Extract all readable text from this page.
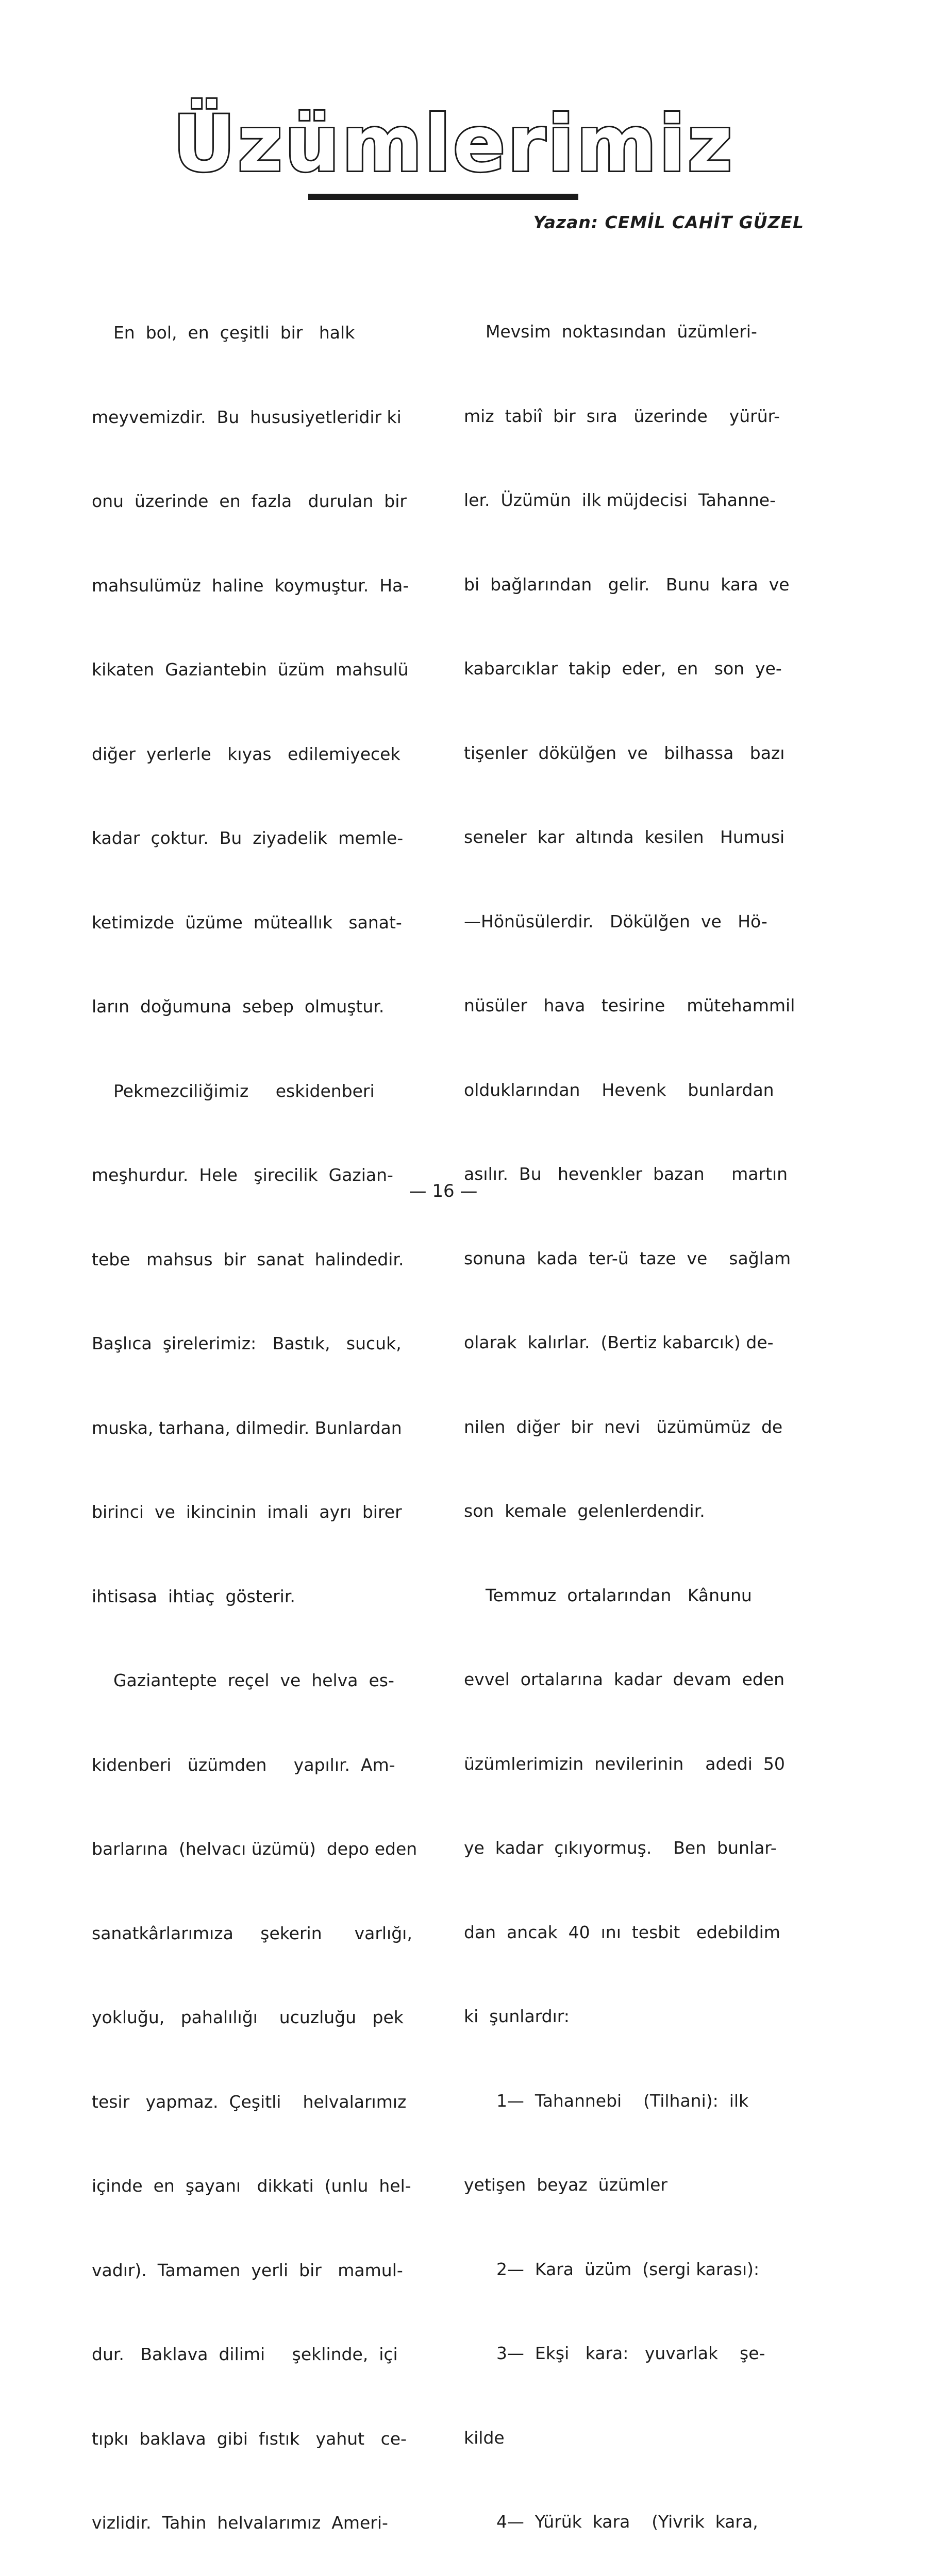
Üzümlerimiz
Yazan: CEMİL CAHİT GÜZEL

En  bol,  en  çeşitli  bir   halk

meyvemizdir.  Bu  hususiyetleridir ki

onu  üzerinde  en  fazla   durulan  bir

mahsulümüz  haline  koymuştur.  Ha-

kikaten  Gaziantebin  üzüm  mahsulü

diğer  yerlerle   kıyas   edilemiyecek

kadar  çoktur.  Bu  ziyadelik  memle-

ketimizde  üzüme  müteallık   sanat-

ların  doğumuna  sebep  olmuştur.

Pekmezciliğimiz     eskidenberi

meşhurdur.  Hele   şirecilik  Gazian-

tebe   mahsus  bir  sanat  halindedir.

Başlıca  şirelerimiz:   Bastık,   sucuk,

muska, tarhana, dilmedir. Bunlardan

birinci  ve  ikincinin  imali  ayrı  birer

ihtisasa  ihtiaç  gösterir.

Gaziantepte  reçel  ve  helva  es-

kidenberi   üzümden     yapılır.  Am-

barlarına  (helvacı üzümü)  depo eden

sanatkârlarımıza     şekerin      varlığı,

yokluğu,   pahalılığı    ucuzluğu   pek

tesir   yapmaz.  Çeşitli    helvalarımız

içinde  en  şayanı   dikkati  (unlu  hel-

vadır).  Tamamen  yerli  bir   mamul-

dur.   Baklava  dilimi     şeklinde,  içi

tıpkı  baklava  gibi  fıstık   yahut   ce-

vizlidir.  Tahin  helvalarımız  Ameri-

Mevsim  noktasından  üzümleri-

miz  tabiî  bir  sıra   üzerinde    yürür-

ler.  Üzümün  ilk müjdecisi  Tahanne-

bi  bağlarından   gelir.   Bunu  kara  ve

kabarcıklar  takip  eder,  en   son  ye-

tişenler  dökülğen  ve   bilhassa   bazı

seneler  kar  altında  kesilen   Humusi

—Hönüsülerdir.   Dökülğen  ve   Hö-

nüsüler   hava   tesirine    mütehammil

olduklarından    Hevenk    bunlardan

asılır.  Bu   hevenkler  bazan     martın

sonuna  kada  ter-ü  taze  ve    sağlam

olarak  kalırlar.  (Bertiz kabarcık) de-

nilen  diğer  bir  nevi   üzümümüz  de

son  kemale  gelenlerdendir.

Temmuz  ortalarından   Kânunu

evvel  ortalarına  kadar  devam  eden

üzümlerimizin  nevilerinin    adedi  50

ye  kadar  çıkıyormuş.    Ben  bunlar-

dan  ancak  40  ını  tesbit   edebildim

ki  şunlardır:

1—  Tahannebi    (Tilhani):  ilk

yetişen  beyaz  üzümler

2—  Kara  üzüm  (sergi karası):

3—  Ekşi   kara:   yuvarlak    şe-

kilde

4—  Yürük  kara    (Yivrik  kara,

— 16 —
